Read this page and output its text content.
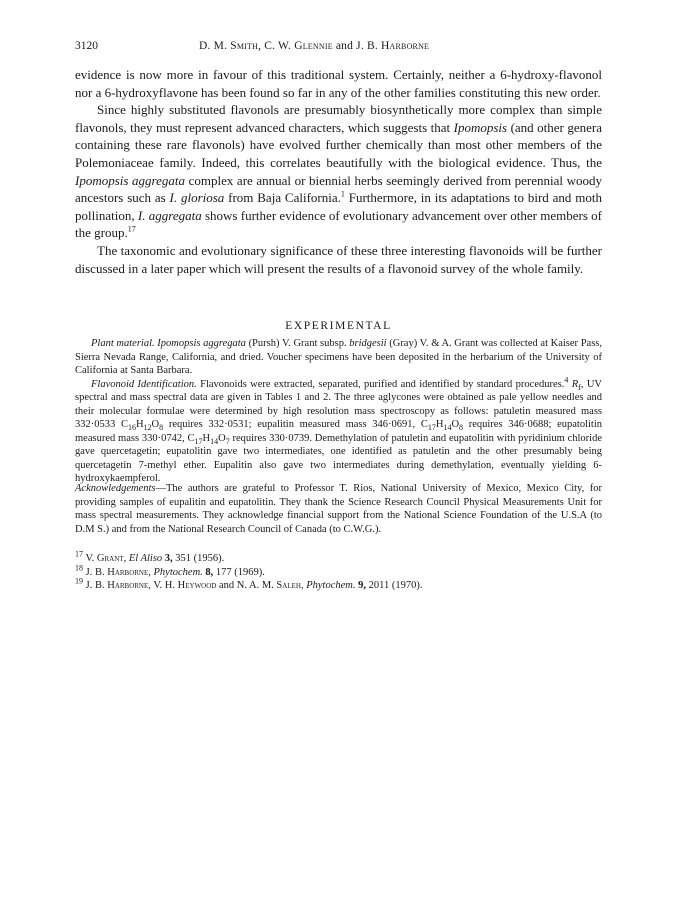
3120	D. M. Smith, C. W. Glennie and J. B. Harborne

evidence is now more in favour of this traditional system. Certainly, neither a 6-hydroxy-flavonol nor a 6-hydroxyflavone has been found so far in any of the other families constituting this new order.

Since highly substituted flavonols are presumably biosynthetically more complex than simple flavonols, they must represent advanced characters, which suggests that Ipomopsis (and other genera containing these rare flavonols) have evolved further chemically than most other members of the Polemoniaceae family. Indeed, this correlates beautifully with the biological evidence. Thus, the Ipomopsis aggregata complex are annual or biennial herbs seemingly derived from perennial woody ancestors such as I. gloriosa from Baja California.$^1$ Furthermore, in its adaptations to bird and moth pollination, I. aggregata shows further evidence of evolutionary advancement over other members of the group.$^{17}$

The taxonomic and evolutionary significance of these three interesting flavonoids will be further discussed in a later paper which will present the results of a flavonoid survey of the whole family.

EXPERIMENTAL

Plant material. Ipomopsis aggregata (Pursh) V. Grant subsp. bridgesii (Gray) V. & A. Grant was collected at Kaiser Pass, Sierra Nevada Range, California, and dried. Voucher specimens have been deposited in the herbarium of the University of California at Santa Barbara.

Flavonoid Identification. Flavonoids were extracted, separated, purified and identified by standard procedures.$^4$ $R_f$, UV spectral and mass spectral data are given in Tables 1 and 2. The three aglycones were obtained as pale yellow needles and their molecular formulae were determined by high resolution mass spectroscopy as follows: patuletin measured mass 332·0533 $C_{16}H_{12}O_8$ requires 332·0531; eupalitin measured mass 346·0691, $C_{17}H_{14}O_8$ requires 346·0688; eupatolitin measured mass 330·0742, $C_{17}H_{14}O_7$ requires 330·0739. Demethylation of patuletin and eupatolitin with pyridinium chloride gave quercetagetin; eupatolitin gave two intermediates, one identified as patuletin and the other presumably being quercetagetin 7-methyl ether. Eupalitin also gave two intermediates during demethylation, eventually yielding 6-hydroxykaempferol.

Acknowledgements—The authors are grateful to Professor T. Rios, National University of Mexico, Mexico City, for providing samples of eupalitin and eupatolitin. They thank the Science Research Council Physical Measurements Unit for mass spectral measurements. They acknowledge financial support from the National Science Foundation of the U.S.A (to D.M S.) and from the National Research Council of Canada (to C.W.G.).

$^{17}$ V. Grant, El Aliso 3, 351 (1956).
$^{18}$ J. B. Harborne, Phytochem. 8, 177 (1969).
$^{19}$ J. B. Harborne, V. H. Heywood and N. A. M. Saleh, Phytochem. 9, 2011 (1970).
